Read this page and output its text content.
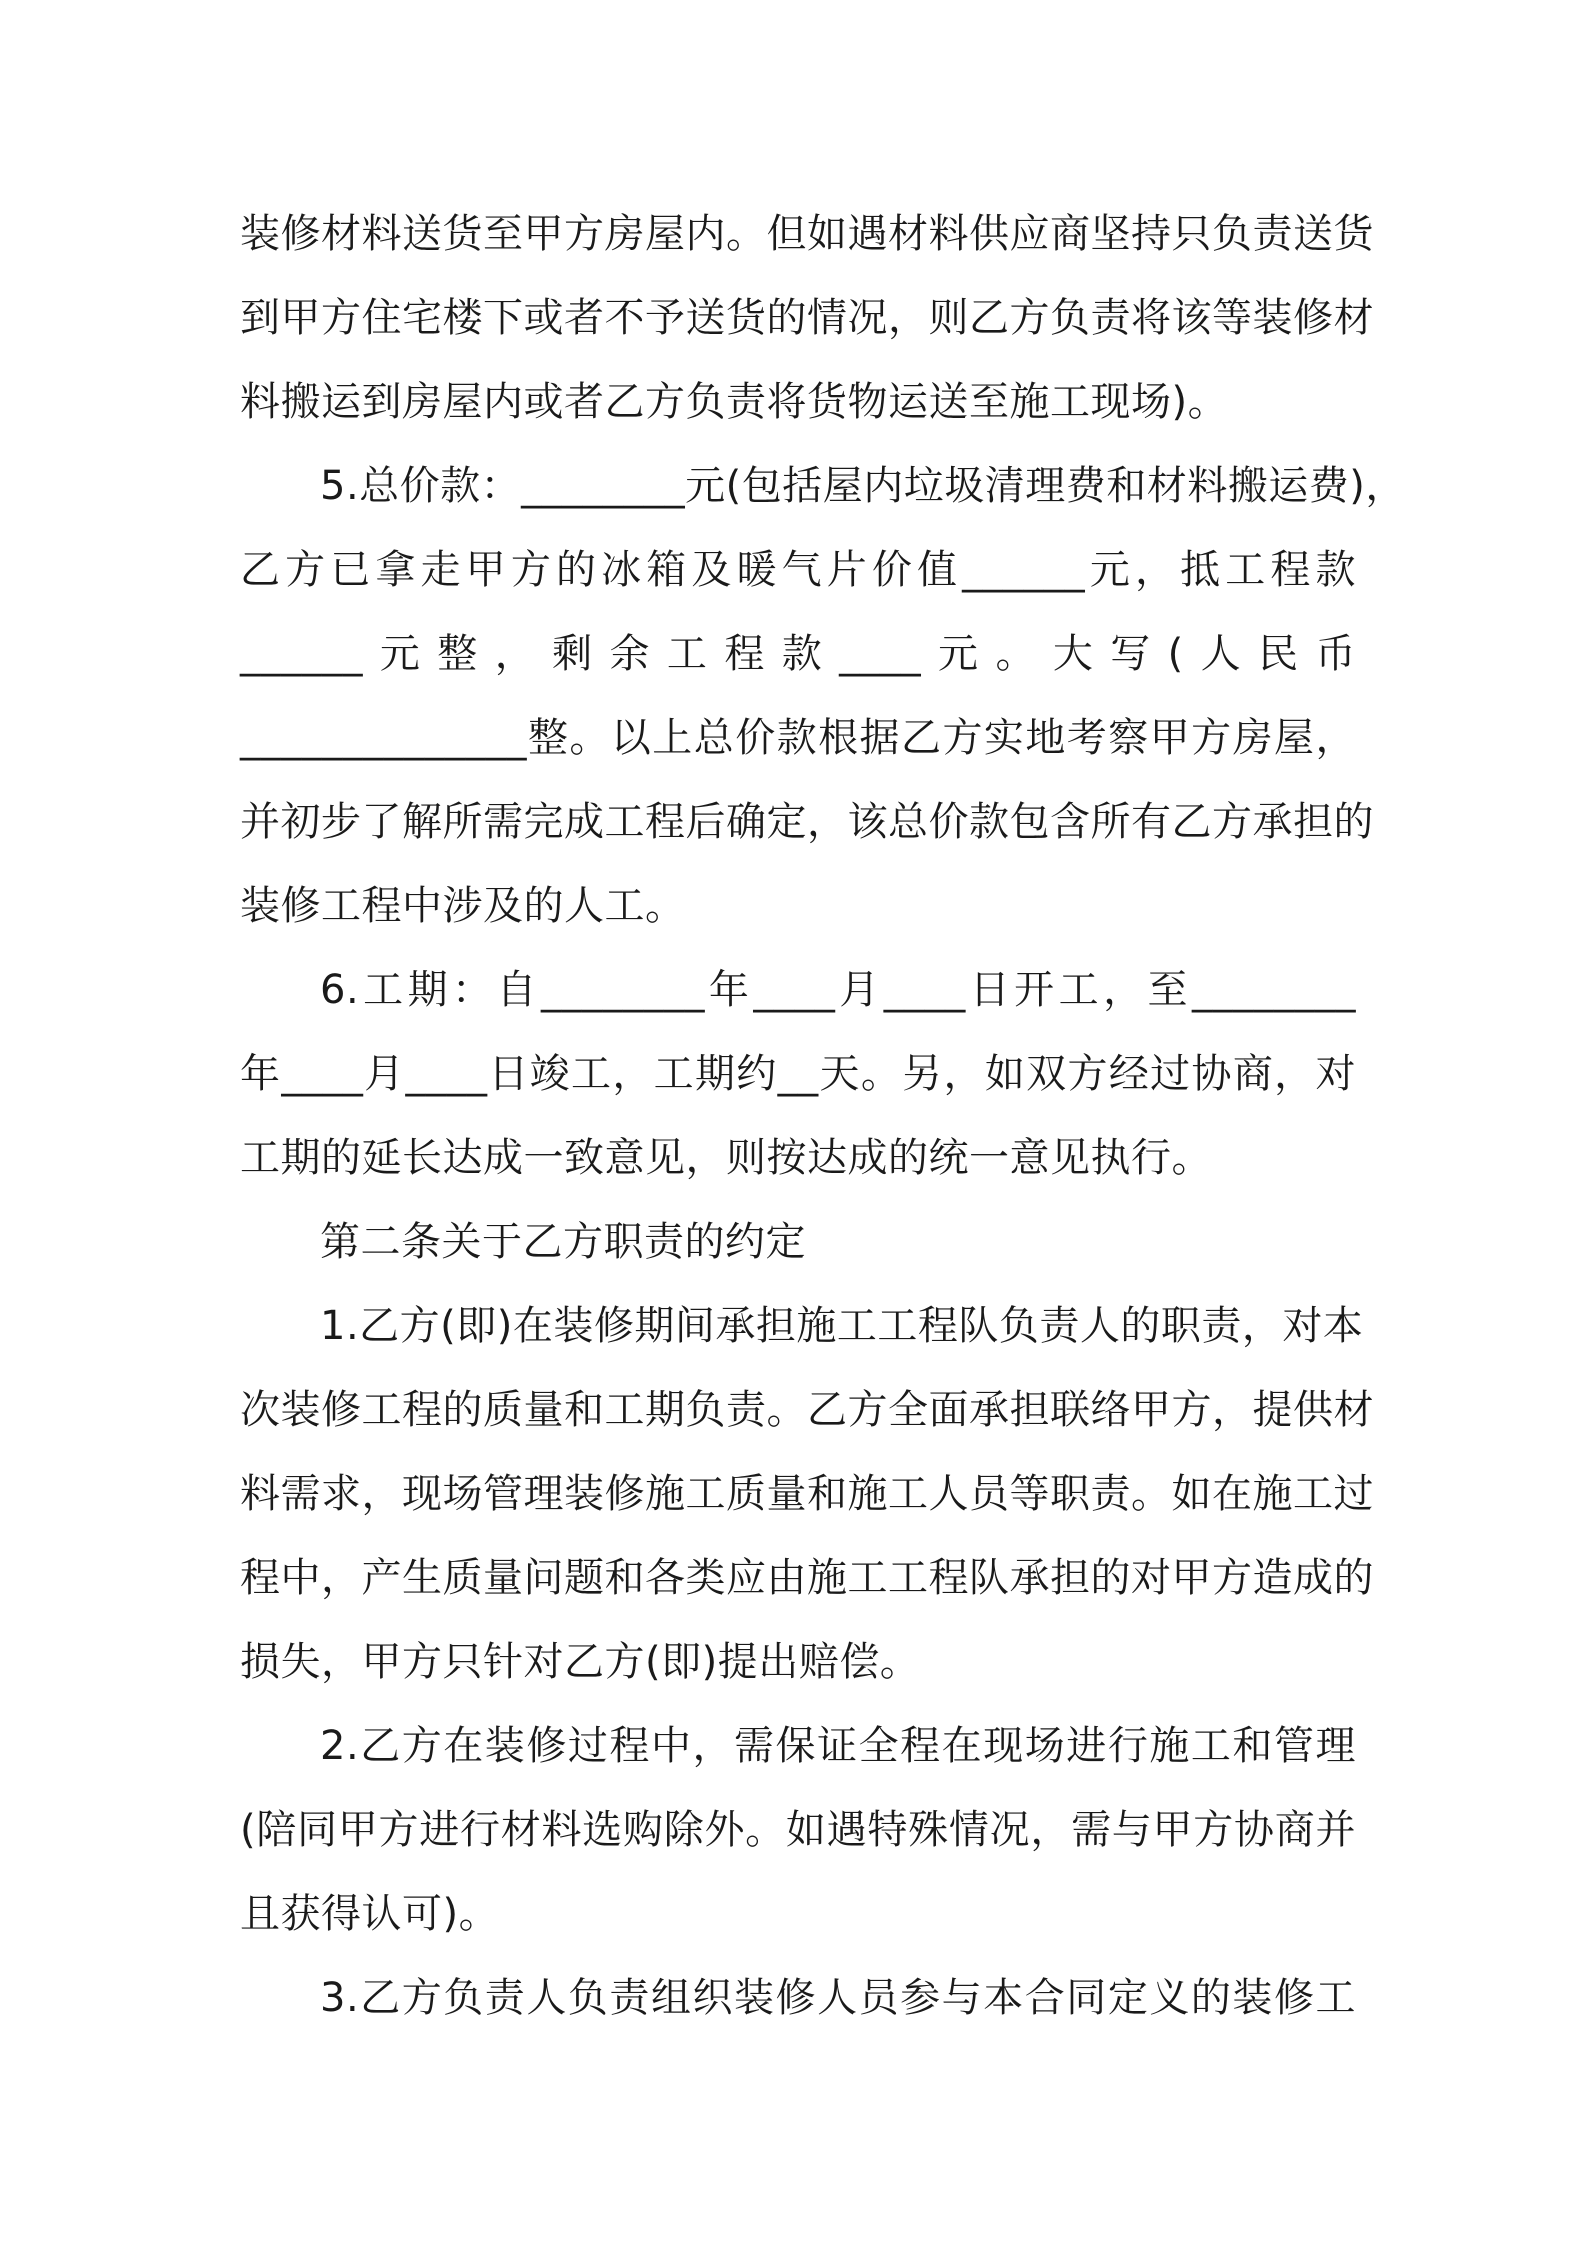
装修材料送货至甲方房屋内。但如遇材料供应商坚持只负责送货
到甲方住宅楼下或者不予送货的情况，则乙方负责将该等装修材
料搬运到房屋内或者乙方负责将货物运送至施工现场)。
5.总价款：________元(包括屋内垃圾清理费和材料搬运费)，
乙方已拿走甲方的冰箱及暖气片价值______元，抵工程款
______元整，剩余工程款____元。大写(人民币
______________整。以上总价款根据乙方实地考察甲方房屋，
并初步了解所需完成工程后确定，该总价款包含所有乙方承担的
装修工程中涉及的人工。
6.工期：自________年____月____日开工，至________
年____月____日竣工，工期约__天。另，如双方经过协商，对
工期的延长达成一致意见，则按达成的统一意见执行。
第二条关于乙方职责的约定
1.乙方(即)在装修期间承担施工工程队负责人的职责，对本
次装修工程的质量和工期负责。乙方全面承担联络甲方，提供材
料需求，现场管理装修施工质量和施工人员等职责。如在施工过
程中，产生质量问题和各类应由施工工程队承担的对甲方造成的
损失，甲方只针对乙方(即)提出赔偿。
2.乙方在装修过程中，需保证全程在现场进行施工和管理
(陪同甲方进行材料选购除外。如遇特殊情况，需与甲方协商并
且获得认可)。
3.乙方负责人负责组织装修人员参与本合同定义的装修工
